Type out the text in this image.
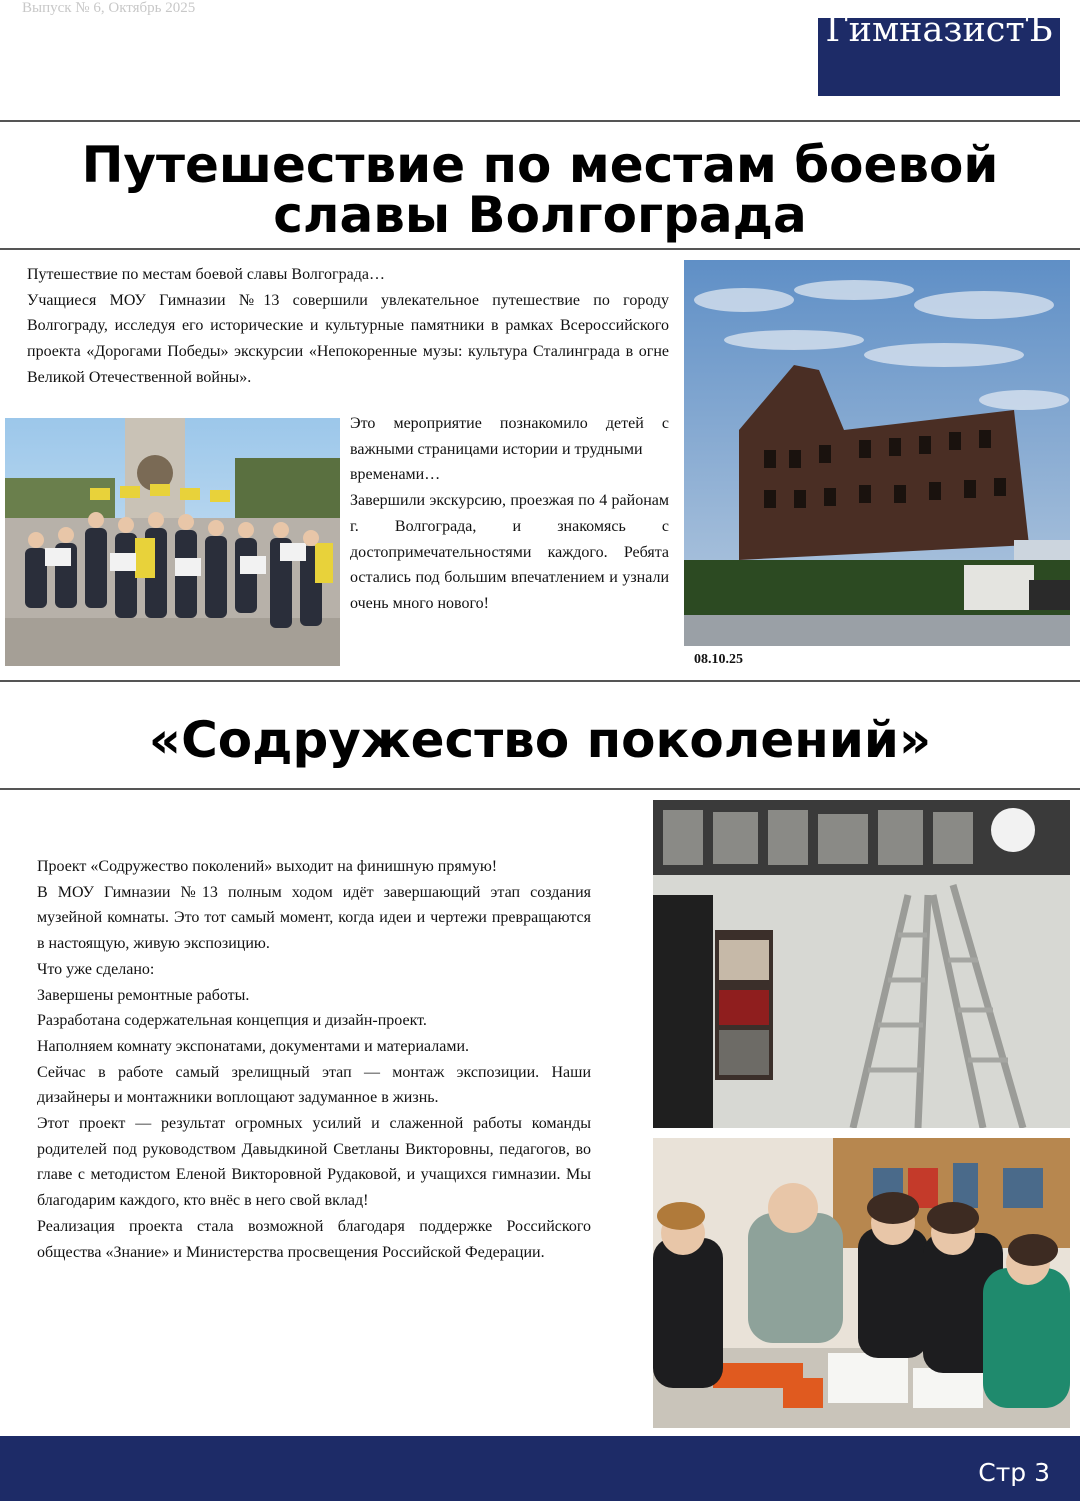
Выпуск № 6, Октябрь 2025
ГимназистЪ
Путешествие по местам боевой
славы Волгограда
Путешествие по местам боевой славы Волгограда…
Учащиеся МОУ Гимназии №13 совершили увлекательное путешествие по городу Волгограду, исследуя его исторические и культурные памятники в рамках Всероссийского проекта «Дорогами Победы» экскурсии «Непокоренные музы: культура Сталинграда в огне Великой Отечественной войны».
Это мероприятие познакомило детей с важными страницами истории и трудными
временами…
Завершили экскурсию, проезжая по 4 районам г. Волгограда, и знакомясь с достопримечательностями каждого. Ребята остались под большим впечатлением и узнали очень много нового!
08.10.25
«Содружество поколений»
Проект «Содружество поколений» выходит на финишную прямую!
В МОУ Гимназии №13 полным ходом идёт завершающий этап создания музейной комнаты. Это тот самый момент, когда идеи и чертежи превращаются в настоящую, живую экспозицию.
Что уже сделано:
Завершены ремонтные работы.
Разработана содержательная концепция и дизайн-проект.
Наполняем комнату экспонатами, документами и материалами.
Сейчас в работе самый зрелищный этап — монтаж экспозиции. Наши дизайнеры и монтажники воплощают задуманное в жизнь.
Этот проект — результат огромных усилий и слаженной работы команды родителей под руководством Давыдкиной Светланы Викторовны, педагогов, во главе с методистом Еленой Викторовной Рудаковой, и учащихся гимназии. Мы благодарим каждого, кто внёс в него свой вклад!
Реализация проекта стала возможной благодаря поддержке Российского общества «Знание» и Министерства просвещения Российской Федерации.
Стр 3
